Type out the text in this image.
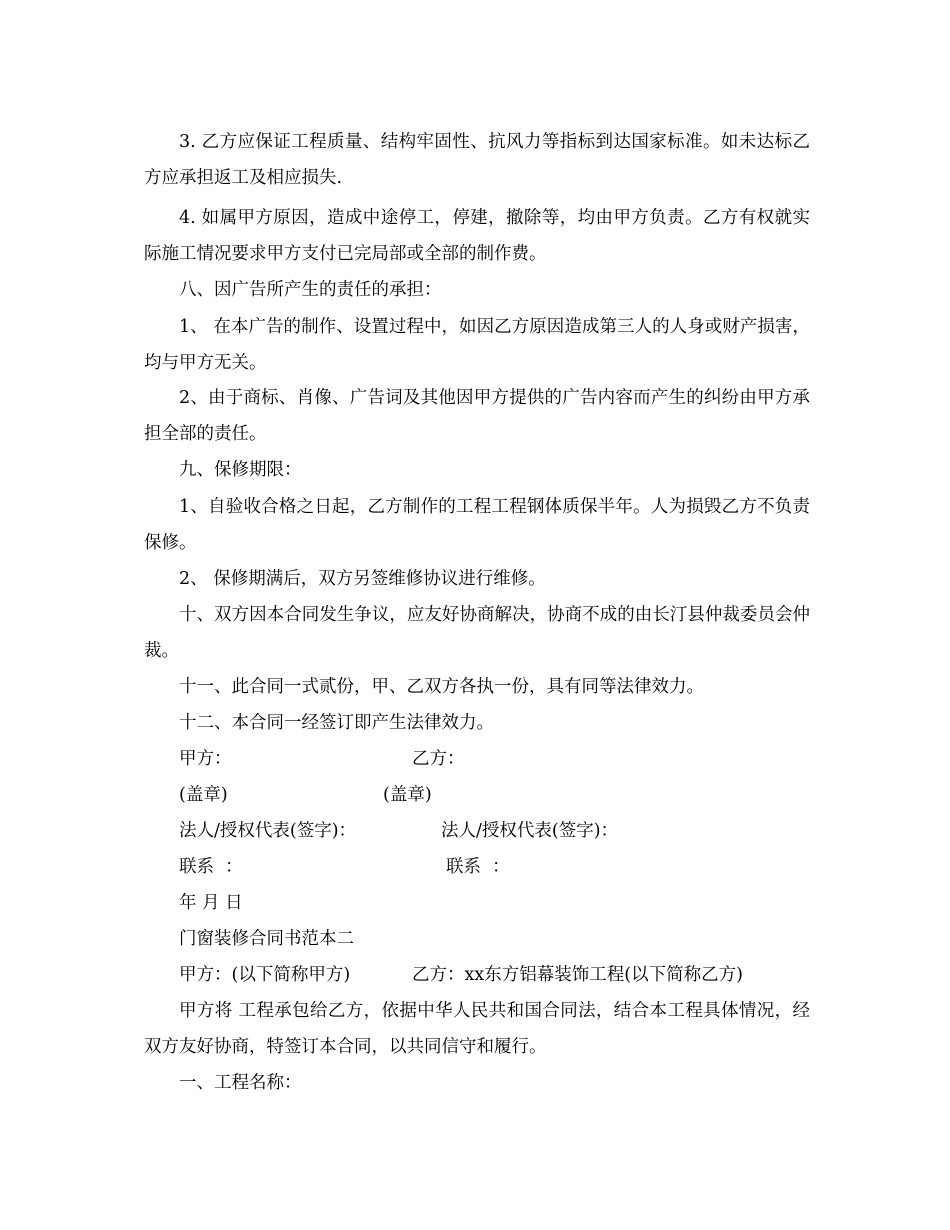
3. 乙方应保证工程质量、结构牢固性、抗风力等指标到达国家标准。如未达标乙方应承担返工及相应损失.

4. 如属甲方原因，造成中途停工，停建，撤除等，均由甲方负责。乙方有权就实际施工情况要求甲方支付已完局部或全部的制作费。

八、因广告所产生的责任的承担：

1、 在本广告的制作、设置过程中，如因乙方原因造成第三人的人身或财产损害，均与甲方无关。

2、由于商标、肖像、广告词及其他因甲方提供的广告内容而产生的纠纷由甲方承担全部的责任。

九、保修期限：

1、自验收合格之日起，乙方制作的工程工程钢体质保半年。人为损毁乙方不负责保修。

2、 保修期满后，双方另签维修协议进行维修。

十、双方因本合同发生争议，应友好协商解决，协商不成的由长汀县仲裁委员会仲裁。

十一、此合同一式贰份，甲、乙双方各执一份，具有同等法律效力。

十二、本合同一经签订即产生法律效力。

甲方：	乙方：

(盖章)	(盖章)

法人/授权代表(签字)：	法人/授权代表(签字)：

联系  ：	联系  ：

年 月 日

门窗装修合同书范本二

甲方：(以下简称甲方)	乙方：xx东方铝幕装饰工程(以下简称乙方)

甲方将 工程承包给乙方，依据中华人民共和国合同法，结合本工程具体情况，经双方友好协商，特签订本合同，以共同信守和履行。

一、工程名称：
